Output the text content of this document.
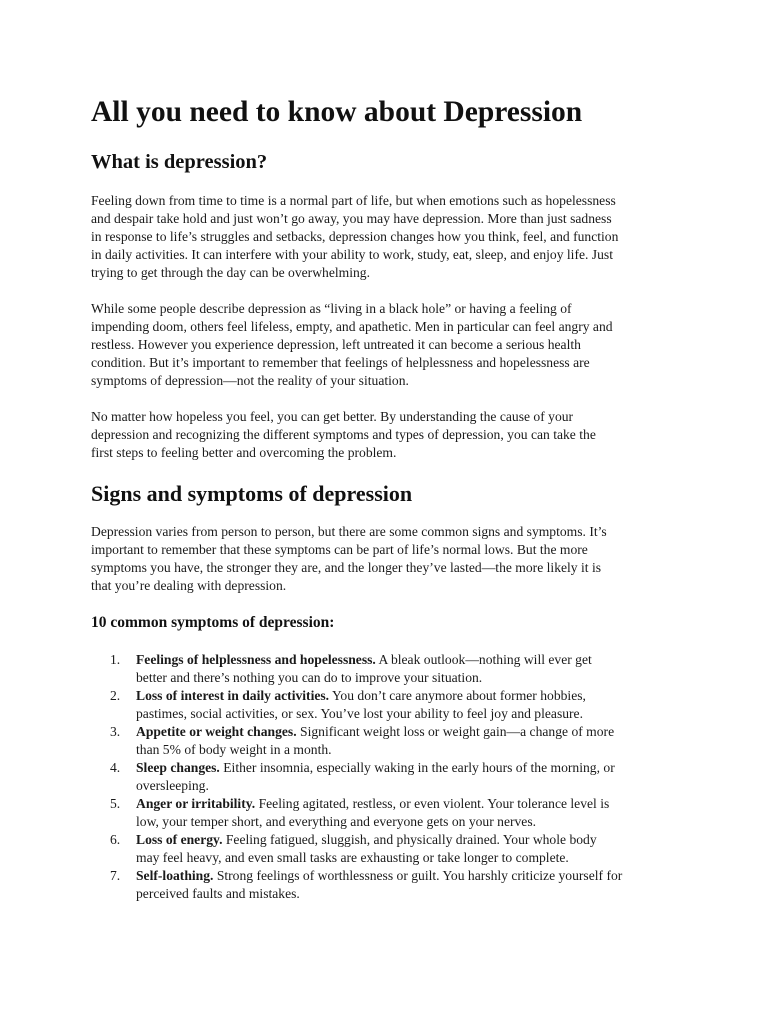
All you need to know about Depression
What is depression?

Feeling down from time to time is a normal part of life, but when emotions such as hopelessness
and despair take hold and just won’t go away, you may have depression. More than just sadness
in response to life’s struggles and setbacks, depression changes how you think, feel, and function
in daily activities. It can interfere with your ability to work, study, eat, sleep, and enjoy life. Just
trying to get through the day can be overwhelming.

While some people describe depression as “living in a black hole” or having a feeling of
impending doom, others feel lifeless, empty, and apathetic. Men in particular can feel angry and
restless. However you experience depression, left untreated it can become a serious health
condition. But it’s important to remember that feelings of helplessness and hopelessness are
symptoms of depression—not the reality of your situation.

No matter how hopeless you feel, you can get better. By understanding the cause of your
depression and recognizing the different symptoms and types of depression, you can take the
first steps to feeling better and overcoming the problem.

Signs and symptoms of depression

Depression varies from person to person, but there are some common signs and symptoms. It’s
important to remember that these symptoms can be part of life’s normal lows. But the more
symptoms you have, the stronger they are, and the longer they’ve lasted—the more likely it is
that you’re dealing with depression.

10 common symptoms of depression:
1. Feelings of helplessness and hopelessness. A bleak outlook—nothing will ever get
better and there’s nothing you can do to improve your situation.
2. Loss of interest in daily activities. You don’t care anymore about former hobbies,
pastimes, social activities, or sex. You’ve lost your ability to feel joy and pleasure.
3. Appetite or weight changes. Significant weight loss or weight gain—a change of more
than 5% of body weight in a month.
4. Sleep changes. Either insomnia, especially waking in the early hours of the morning, or
oversleeping.
5. Anger or irritability. Feeling agitated, restless, or even violent. Your tolerance level is
low, your temper short, and everything and everyone gets on your nerves.
6. Loss of energy. Feeling fatigued, sluggish, and physically drained. Your whole body
may feel heavy, and even small tasks are exhausting or take longer to complete.
7. Self-loathing. Strong feelings of worthlessness or guilt. You harshly criticize yourself for
perceived faults and mistakes.
